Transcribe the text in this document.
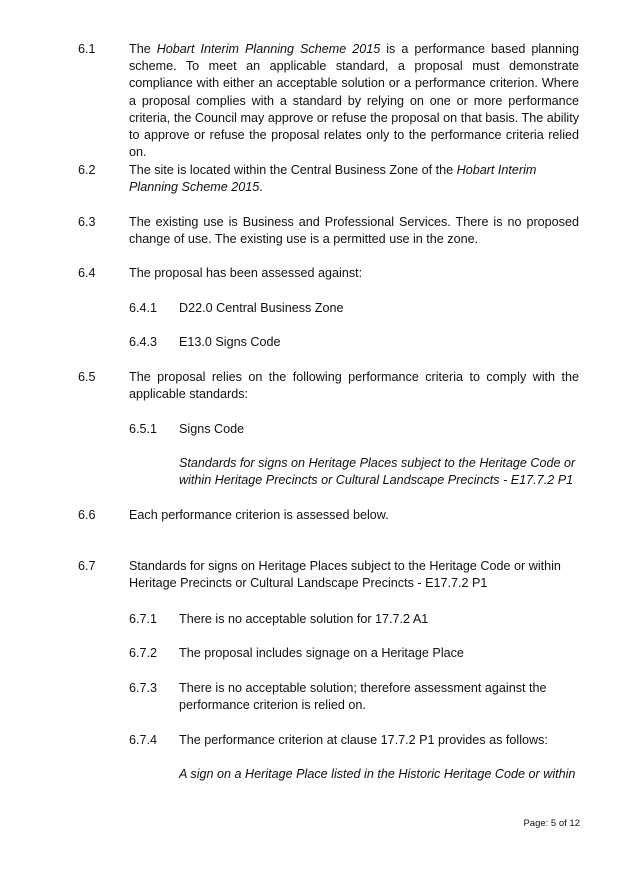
6.1	The Hobart Interim Planning Scheme 2015 is a performance based planning scheme. To meet an applicable standard, a proposal must demonstrate compliance with either an acceptable solution or a performance criterion. Where a proposal complies with a standard by relying on one or more performance criteria, the Council may approve or refuse the proposal on that basis. The ability to approve or refuse the proposal relates only to the performance criteria relied on.
6.2	The site is located within the Central Business Zone of the Hobart Interim Planning Scheme 2015.
6.3	The existing use is Business and Professional Services. There is no proposed change of use. The existing use is a permitted use in the zone.
6.4	The proposal has been assessed against:
6.4.1 D22.0 Central Business Zone
6.4.3 E13.0 Signs Code
6.5	The proposal relies on the following performance criteria to comply with the applicable standards:
6.5.1 Signs Code
Standards for signs on Heritage Places subject to the Heritage Code or within Heritage Precincts or Cultural Landscape Precincts - E17.7.2 P1
6.6	Each performance criterion is assessed below.
6.7	Standards for signs on Heritage Places subject to the Heritage Code or within Heritage Precincts or Cultural Landscape Precincts - E17.7.2 P1
6.7.1 There is no acceptable solution for 17.7.2 A1
6.7.2 The proposal includes signage on a Heritage Place
6.7.3 There is no acceptable solution; therefore assessment against the performance criterion is relied on.
6.7.4 The performance criterion at clause 17.7.2 P1 provides as follows:
A sign on a Heritage Place listed in the Historic Heritage Code or within
Page: 5 of 12
